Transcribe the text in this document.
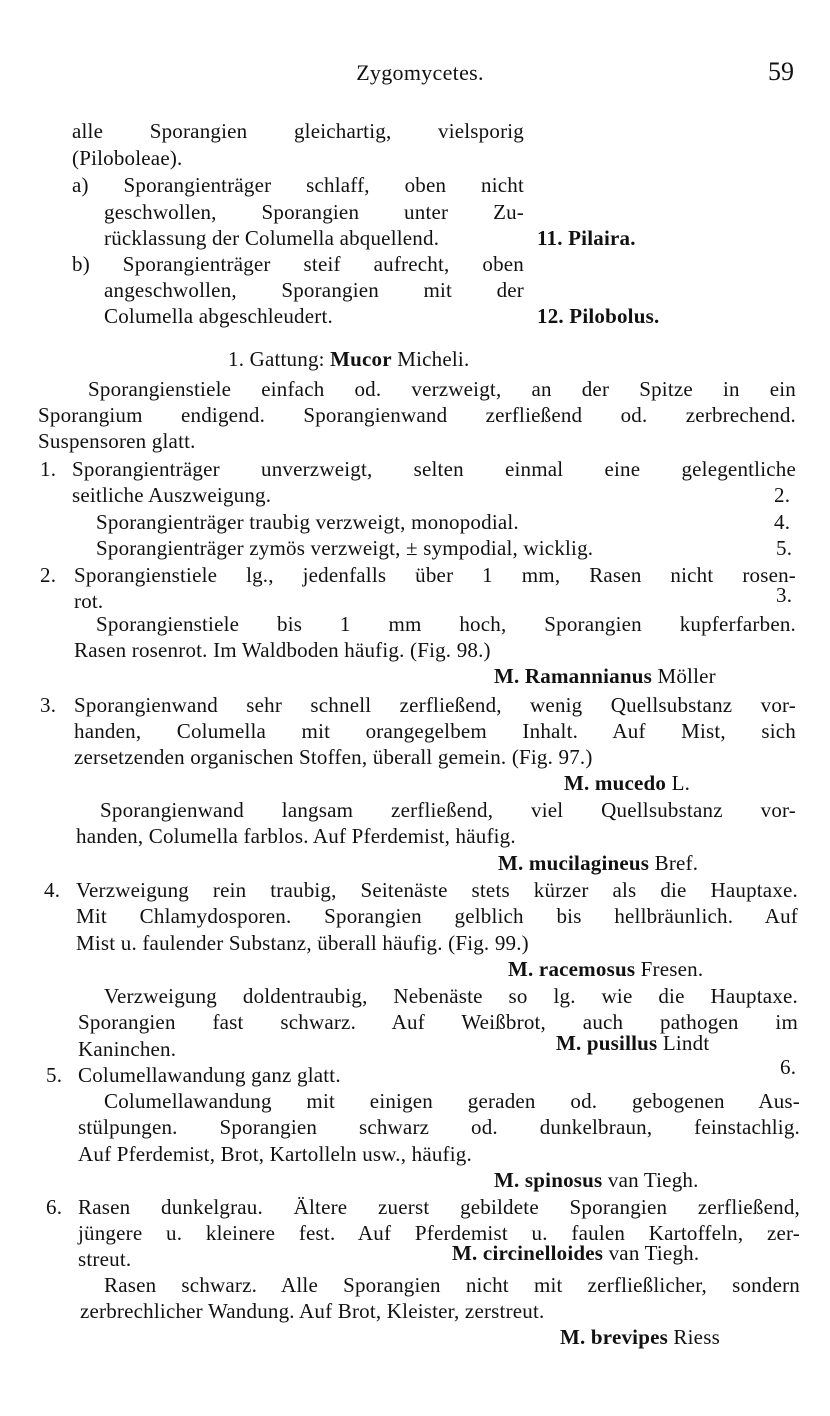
Zygomycetes.	59
alle Sporangien gleichartig, vielsporig
(Piloboleae).
a) Sporangienträger schlaff, oben nicht
geschwollen, Sporangien unter Zu-
rücklassung der Columella abquellend.	11. Pilaira.
b) Sporangienträger steif aufrecht, oben
angeschwollen, Sporangien mit der
Columella abgeschleudert.	12. Pilobolus.
1. Gattung: Mucor Micheli.
Sporangienstiele einfach od. verzweigt, an der Spitze in ein
Sporangium endigend. Sporangienwand zerfließend od. zerbrechend.
Suspensoren glatt.
1. Sporangienträger unverzweigt, selten einmal eine gelegentliche
seitliche Auszweigung.	2.
Sporangienträger traubig verzweigt, monopodial.	4.
Sporangienträger zymös verzweigt, ± sympodial, wicklig.	5.
2. Sporangienstiele lg., jedenfalls über 1 mm, Rasen nicht rosen-
rot.	3.
Sporangienstiele bis 1 mm hoch, Sporangien kupferfarben.
Rasen rosenrot. Im Waldboden häufig. (Fig. 98.)
M. Ramannianus Möller
3. Sporangienwand sehr schnell zerfließend, wenig Quellsubstanz vor-
handen, Columella mit orangegelbem Inhalt. Auf Mist, sich
zersetzenden organischen Stoffen, überall gemein. (Fig. 97.)
M. mucedo L.
Sporangienwand langsam zerfließend, viel Quellsubstanz vor-
handen, Columella farblos. Auf Pferdemist, häufig.
M. mucilagineus Bref.
4. Verzweigung rein traubig, Seitenäste stets kürzer als die Hauptaxe.
Mit Chlamydosporen. Sporangien gelblich bis hellbräunlich. Auf
Mist u. faulender Substanz, überall häufig. (Fig. 99.)
M. racemosus Fresen.
Verzweigung doldentraubig, Nebenäste so lg. wie die Hauptaxe.
Sporangien fast schwarz. Auf Weißbrot, auch pathogen im
Kaninchen.	M. pusillus Lindt
5. Columellawandung ganz glatt.	6.
Columellawandung mit einigen geraden od. gebogenen Aus-
stülpungen. Sporangien schwarz od. dunkelbraun, feinstachlig.
Auf Pferdemist, Brot, Kartolleln usw., häufig.
M. spinosus van Tiegh.
6. Rasen dunkelgrau. Ältere zuerst gebildete Sporangien zerfließend,
jüngere u. kleinere fest. Auf Pferdemist u. faulen Kartoffeln, zer-
streut.	M. circinelloides van Tiegh.
Rasen schwarz. Alle Sporangien nicht mit zerfließlicher, sondern
zerbrechlicher Wandung. Auf Brot, Kleister, zerstreut.
M. brevipes Riess
